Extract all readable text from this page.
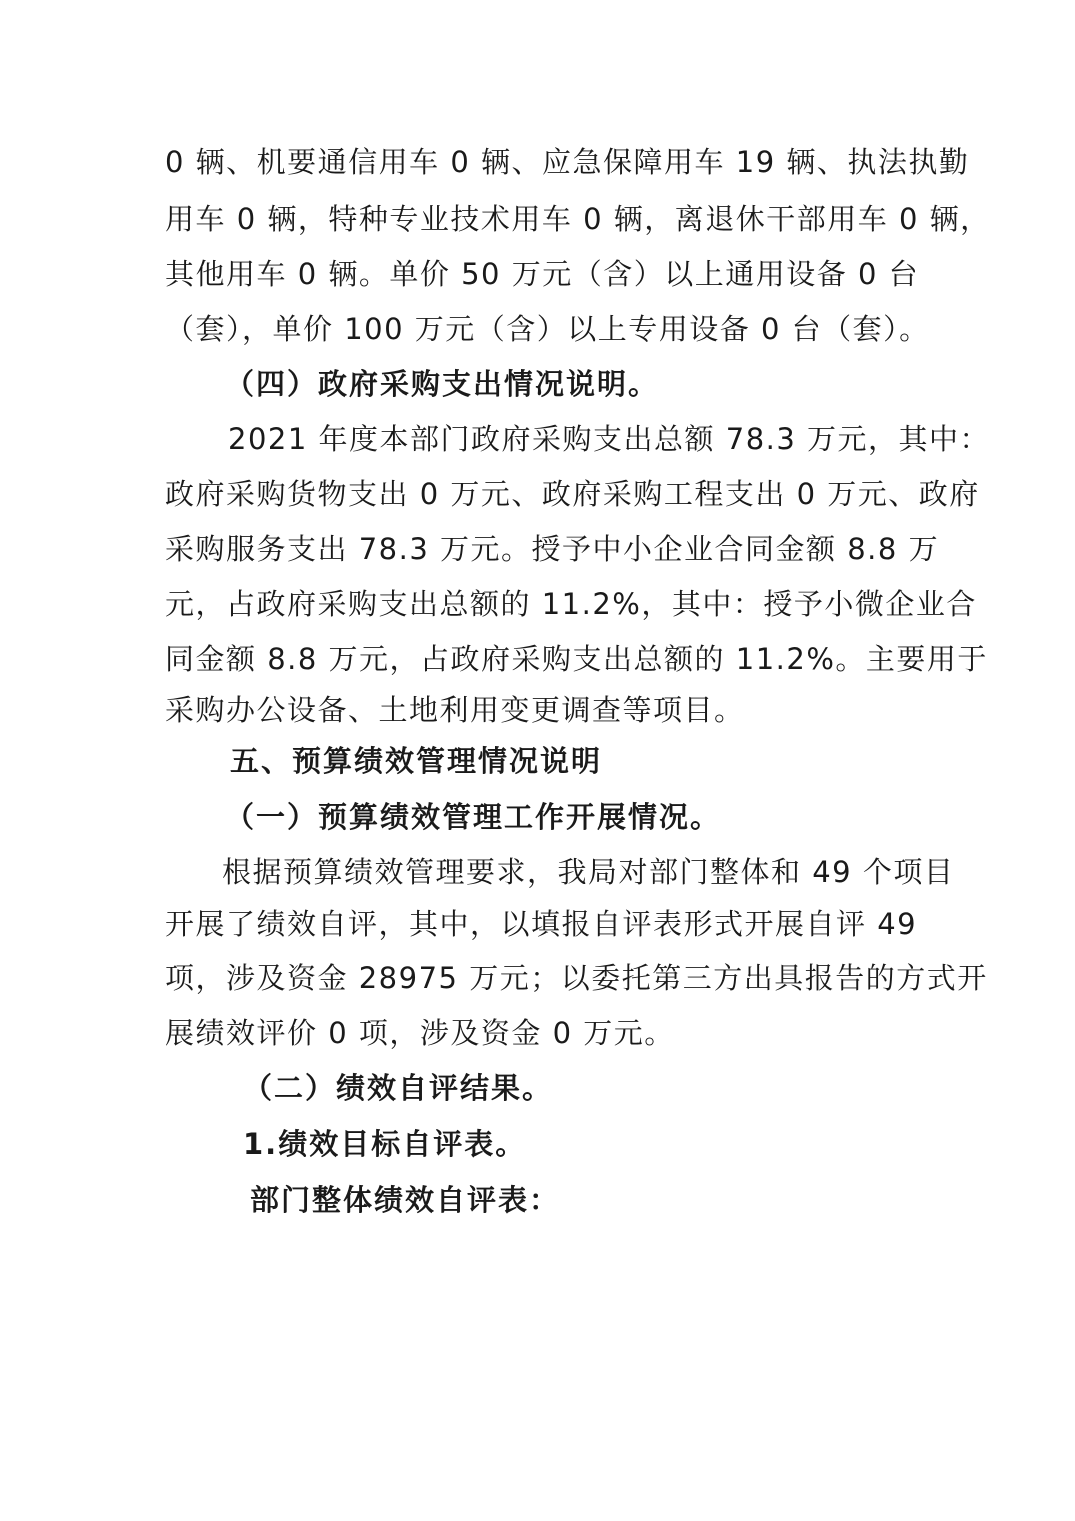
0 辆、机要通信用车 0 辆、应急保障用车 19 辆、执法执勤
用车 0 辆，特种专业技术用车 0 辆，离退休干部用车 0 辆，
其他用车 0 辆。单价 50 万元（含）以上通用设备 0 台
（套），单价 100 万元（含）以上专用设备 0 台（套）。
（四）政府采购支出情况说明。
2021 年度本部门政府采购支出总额 78.3 万元，其中：
政府采购货物支出 0 万元、政府采购工程支出 0 万元、政府
采购服务支出 78.3 万元。授予中小企业合同金额 8.8 万
元，占政府采购支出总额的 11.2%，其中：授予小微企业合
同金额 8.8 万元，占政府采购支出总额的 11.2%。主要用于
采购办公设备、土地利用变更调查等项目。
五、预算绩效管理情况说明
（一）预算绩效管理工作开展情况。
根据预算绩效管理要求，我局对部门整体和 49 个项目
开展了绩效自评，其中，以填报自评表形式开展自评 49
项，涉及资金 28975 万元；以委托第三方出具报告的方式开
展绩效评价 0 项，涉及资金 0 万元。
（二）绩效自评结果。
1.绩效目标自评表。
部门整体绩效自评表：
